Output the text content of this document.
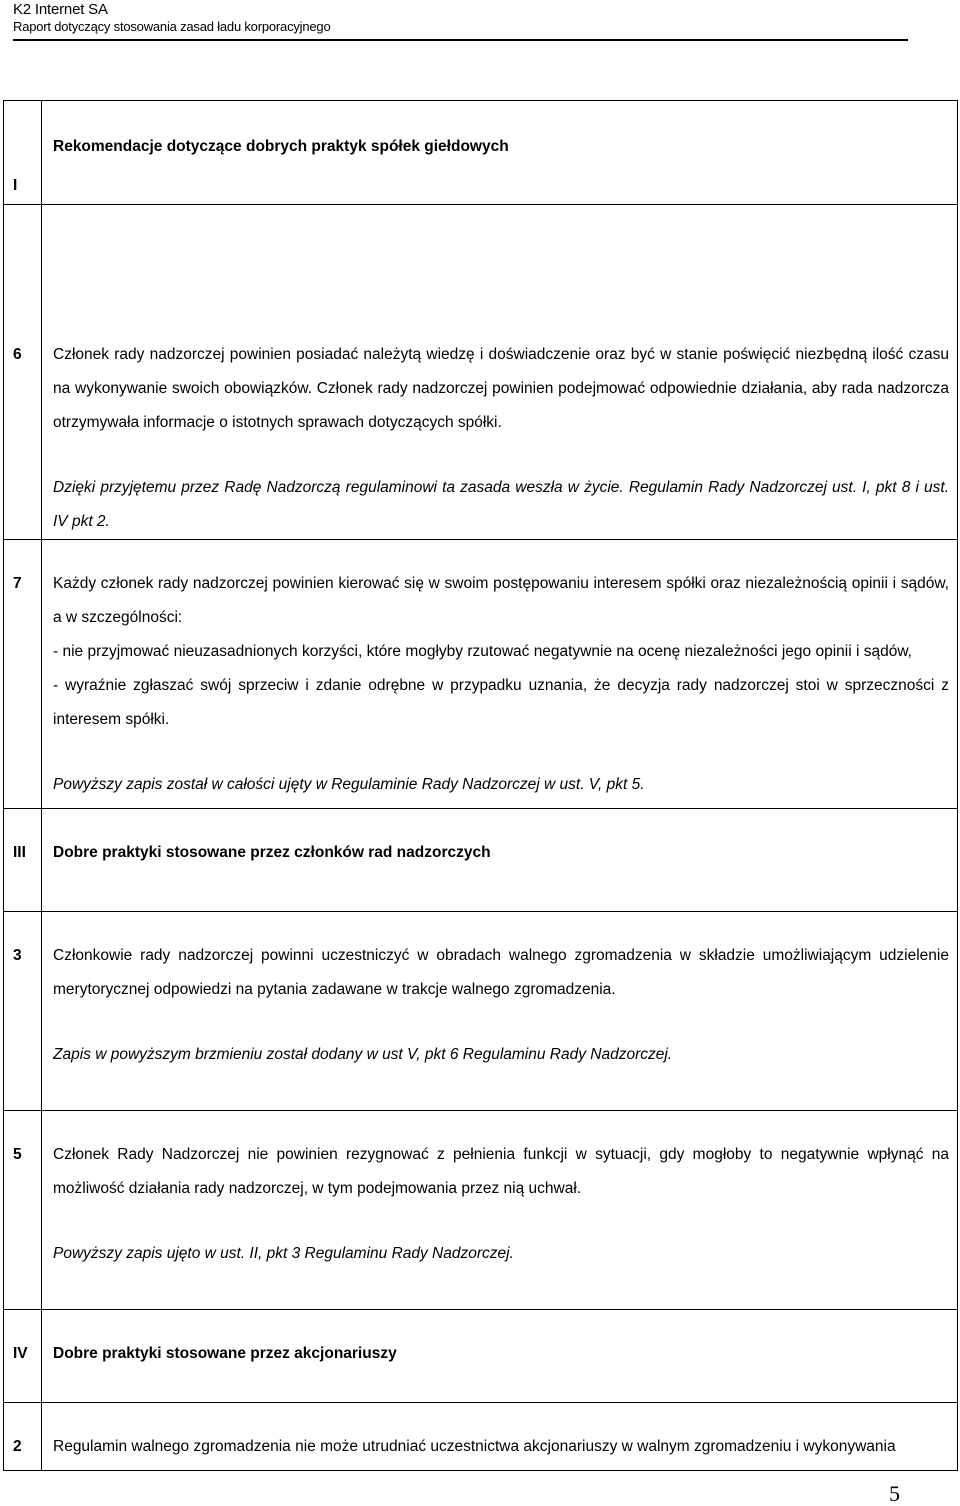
K2 Internet SA
Raport dotyczący stosowania zasad ładu korporacyjnego
I	Rekomendacje dotyczące dobrych praktyk spółek giełdowych

6	Członek rady nadzorczej powinien posiadać należytą wiedzę i doświadczenie oraz być w stanie poświęcić niezbędną ilość czasu na wykonywanie swoich obowiązków. Członek rady nadzorczej powinien podejmować odpowiednie działania, aby rada nadzorcza otrzymywała informacje o istotnych sprawach dotyczących spółki.

Dzięki przyjętemu przez Radę Nadzorczą regulaminowi ta zasada weszła w życie. Regulamin Rady Nadzorczej ust. I, pkt 8 i ust. IV pkt 2.

7	Każdy członek rady nadzorczej powinien kierować się w swoim postępowaniu interesem spółki oraz niezależnością opinii i sądów, a w szczególności:

- nie przyjmować nieuzasadnionych korzyści, które mogłyby rzutować negatywnie na ocenę niezależności jego opinii i sądów,

- wyraźnie zgłaszać swój sprzeciw i zdanie odrębne w przypadku uznania, że decyzja rady nadzorczej stoi w sprzeczności z interesem spółki.

Powyższy zapis został w całości ujęty w Regulaminie Rady Nadzorczej w ust. V, pkt 5.

III	Dobre praktyki stosowane przez członków rad nadzorczych

3	Członkowie rady nadzorczej powinni uczestniczyć w obradach walnego zgromadzenia w składzie umożliwiającym udzielenie merytorycznej odpowiedzi na pytania zadawane w trakcje walnego zgromadzenia.

Zapis w powyższym brzmieniu został dodany w ust V, pkt 6 Regulaminu Rady Nadzorczej.

5	Członek Rady Nadzorczej nie powinien rezygnować z pełnienia funkcji w sytuacji, gdy mogłoby to negatywnie wpłynąć na możliwość działania rady nadzorczej, w tym podejmowania przez nią uchwał.

Powyższy zapis ujęto w ust. II, pkt 3 Regulaminu Rady Nadzorczej.

IV	Dobre praktyki stosowane przez akcjonariuszy

2	Regulamin walnego zgromadzenia nie może utrudniać uczestnictwa akcjonariuszy w walnym zgromadzeniu i wykonywania

5
